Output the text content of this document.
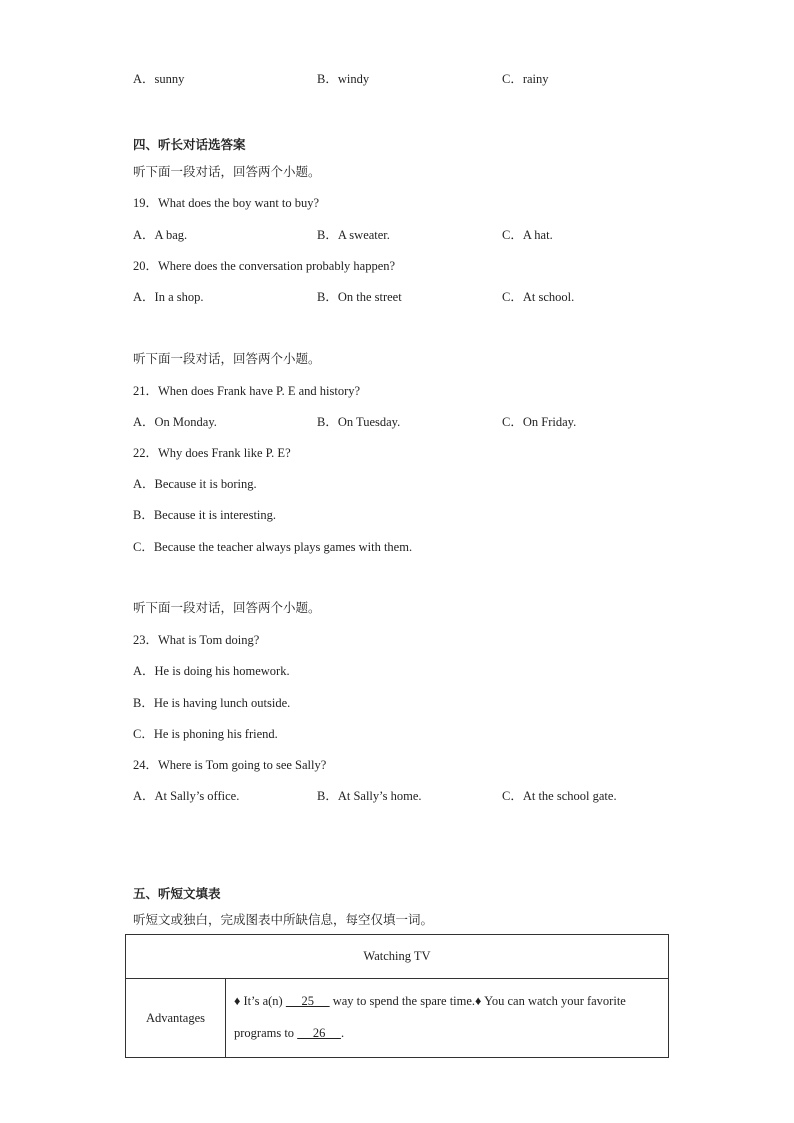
A．sunny	B．windy	C．rainy
四、听长对话选答案
听下面一段对话，回答两个小题。
19．What does the boy want to buy?
A．A bag.	B．A sweater.	C．A hat.
20．Where does the conversation probably happen?
A．In a shop.	B．On the street	C．At school.
听下面一段对话，回答两个小题。
21．When does Frank have P. E and history?
A．On Monday.	B．On Tuesday.	C．On Friday.
22．Why does Frank like P. E?
A．Because it is boring.
B．Because it is interesting.
C．Because the teacher always plays games with them.
听下面一段对话，回答两个小题。
23．What is Tom doing?
A．He is doing his homework.
B．He is having lunch outside.
C．He is phoning his friend.
24．Where is Tom going to see Sally?
A．At Sally’s office.	B．At Sally’s home.	C．At the school gate.
五、听短文填表
听短文或独白，完成图表中所缺信息，每空仅填一词。
Watching TV
Advantages	♦ It’s a(n)      25      way to spend the spare time.♦ You can watch your favorite programs to      26     .
